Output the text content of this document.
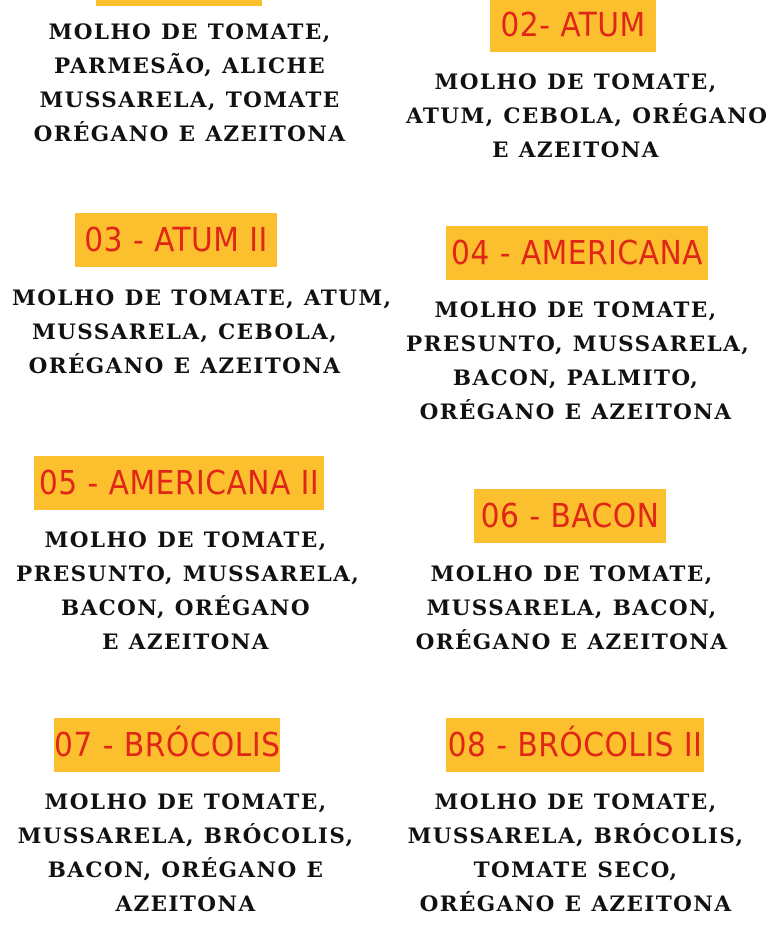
MOLHO DE TOMATE,
PARMESÃO, ALICHE
MUSSARELA, TOMATE
ORÉGANO E AZEITONA
02- ATUM
MOLHO DE TOMATE,
ATUM, CEBOLA, ORÉGANO
E AZEITONA
03 - ATUM II
MOLHO DE TOMATE, ATUM,
MUSSARELA, CEBOLA,
ORÉGANO E AZEITONA
04 - AMERICANA
MOLHO DE TOMATE,
PRESUNTO, MUSSARELA,
BACON, PALMITO,
ORÉGANO E AZEITONA
05 - AMERICANA II
MOLHO DE TOMATE,
PRESUNTO, MUSSARELA,
BACON, ORÉGANO
E AZEITONA
06 - BACON
MOLHO DE TOMATE,
MUSSARELA, BACON,
ORÉGANO E AZEITONA
07 - BRÓCOLIS
MOLHO DE TOMATE,
MUSSARELA, BRÓCOLIS,
BACON, ORÉGANO E
AZEITONA
08 - BRÓCOLIS II
MOLHO DE TOMATE,
MUSSARELA, BRÓCOLIS,
TOMATE SECO,
ORÉGANO E AZEITONA
